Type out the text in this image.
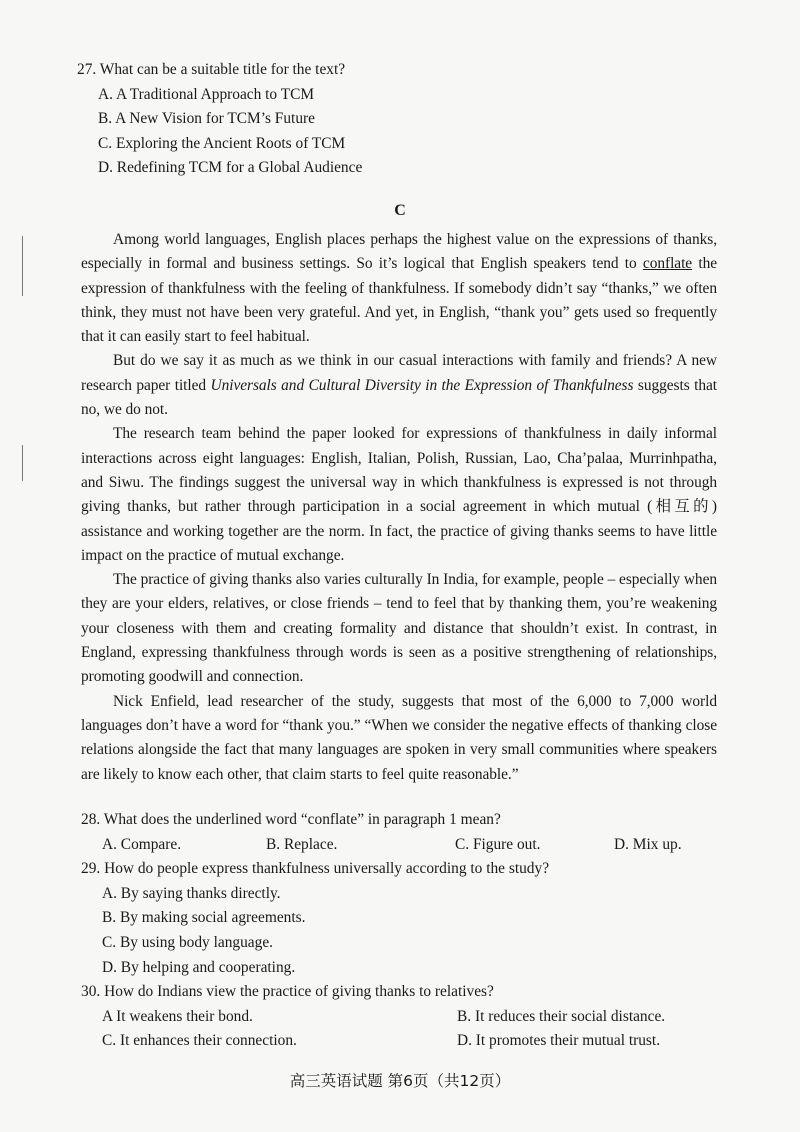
27. What can be a suitable title for the text?
A. A Traditional Approach to TCM
B. A New Vision for TCM’s Future
C. Exploring the Ancient Roots of TCM
D. Redefining TCM for a Global Audience
C

Among world languages, English places perhaps the highest value on the expressions of thanks, especially in formal and business settings. So it’s logical that English speakers tend to conflate the expression of thankfulness with the feeling of thankfulness. If somebody didn’t say “thanks,” we often think, they must not have been very grateful. And yet, in English, “thank you” gets used so frequently that it can easily start to feel habitual.

But do we say it as much as we think in our casual interactions with family and friends? A new research paper titled Universals and Cultural Diversity in the Expression of Thankfulness suggests that no, we do not.

The research team behind the paper looked for expressions of thankfulness in daily informal interactions across eight languages: English, Italian, Polish, Russian, Lao, Cha’palaa, Murrinhpatha, and Siwu. The findings suggest the universal way in which thankfulness is expressed is not through giving thanks, but rather through participation in a social agreement in which mutual (相互的) assistance and working together are the norm. In fact, the practice of giving thanks seems to have little impact on the practice of mutual exchange.

The practice of giving thanks also varies culturally In India, for example, people – especially when they are your elders, relatives, or close friends – tend to feel that by thanking them, you’re weakening your closeness with them and creating formality and distance that shouldn’t exist. In contrast, in England, expressing thankfulness through words is seen as a positive strengthening of relationships, promoting goodwill and connection.

Nick Enfield, lead researcher of the study, suggests that most of the 6,000 to 7,000 world languages don’t have a word for “thank you.” “When we consider the negative effects of thanking close relations alongside the fact that many languages are spoken in very small communities where speakers are likely to know each other, that claim starts to feel quite reasonable.”

28. What does the underlined word “conflate” in paragraph 1 mean?
A. Compare.	B. Replace.	C. Figure out.	D. Mix up.
29. How do people express thankfulness universally according to the study?
A. By saying thanks directly.
B. By making social agreements.
C. By using body language.
D. By helping and cooperating.
30. How do Indians view the practice of giving thanks to relatives?
A It weakens their bond.	B. It reduces their social distance.
C. It enhances their connection.	D. It promotes their mutual trust.
高三英语试题 第6页（共12页）
